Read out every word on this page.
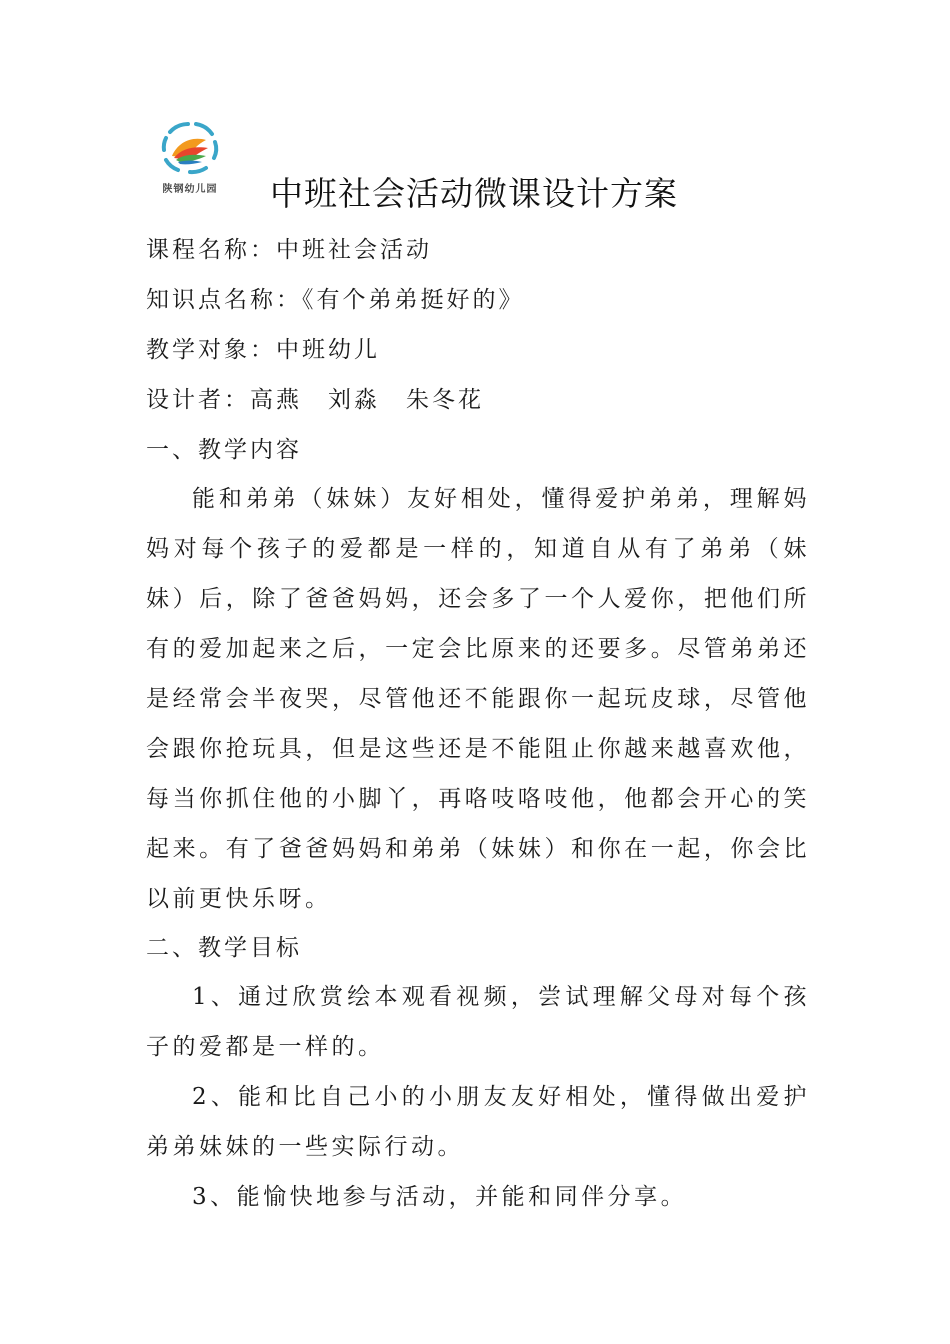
陕钢幼儿园	中班社会活动微课设计方案
课程名称：中班社会活动
知识点名称：《有个弟弟挺好的》
教学对象：中班幼儿
设计者：高燕　刘淼　朱冬花
一、教学内容

能和弟弟（妹妹）友好相处，懂得爱护弟弟，理解妈妈对每个孩子的爱都是一样的，知道自从有了弟弟（妹妹）后，除了爸爸妈妈，还会多了一个人爱你，把他们所有的爱加起来之后，一定会比原来的还要多。尽管弟弟还是经常会半夜哭，尽管他还不能跟你一起玩皮球，尽管他会跟你抢玩具，但是这些还是不能阻止你越来越喜欢他，每当你抓住他的小脚丫，再咯吱咯吱他，他都会开心的笑起来。有了爸爸妈妈和弟弟（妹妹）和你在一起，你会比以前更快乐呀。

二、教学目标

1、通过欣赏绘本观看视频，尝试理解父母对每个孩子的爱都是一样的。

2、能和比自己小的小朋友友好相处，懂得做出爱护弟弟妹妹的一些实际行动。

3、能愉快地参与活动，并能和同伴分享。
